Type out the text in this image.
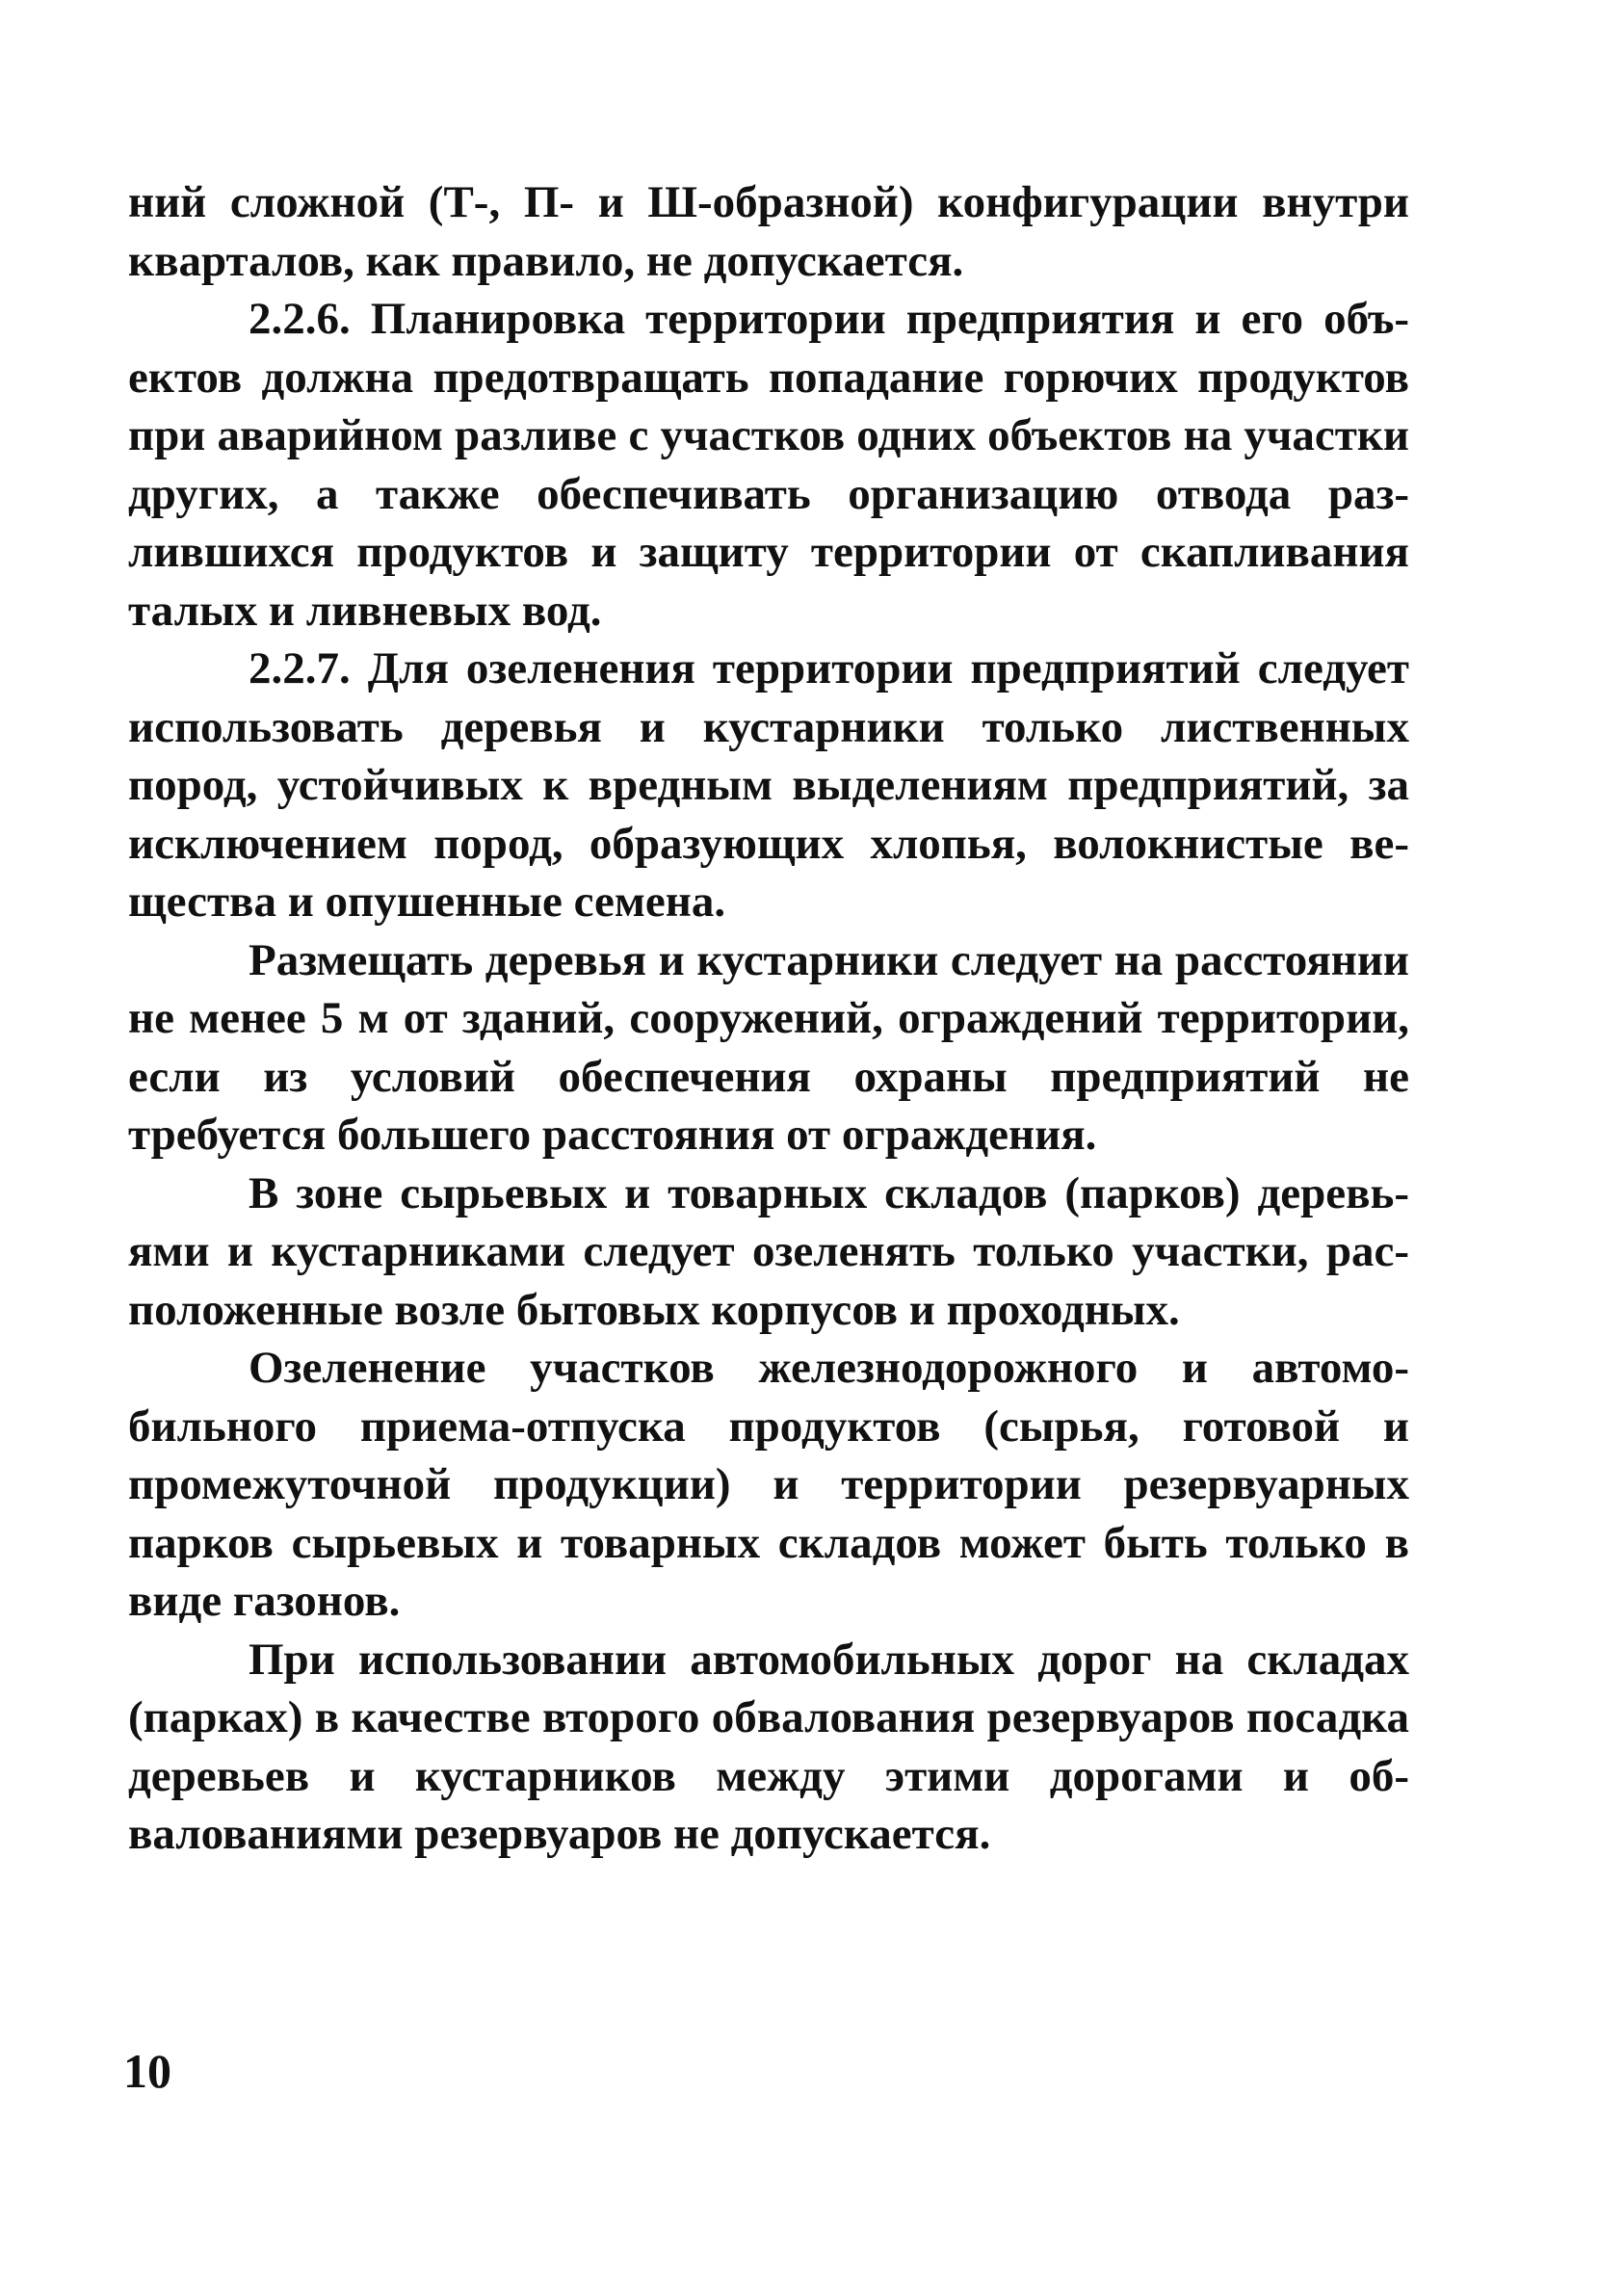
ний сложной (Т-, П- и Ш-образной) конфигурации внутри кварталов, как правило, не допускается.

2.2.6. Планировка территории предприятия и его объектов должна предотвращать попадание горючих продуктов при аварийном разливе с участков одних объектов на участки других, а также обеспечивать организацию отвода разлившихся продуктов и защиту территории от скапливания талых и ливневых вод.

2.2.7. Для озеленения территории предприятий следует использовать деревья и кустарники только лиственных пород, устойчивых к вредным выделениям предприятий, за исключением пород, образующих хлопья, волокнистые вещества и опушенные семена.

Размещать деревья и кустарники следует на расстоянии не менее 5 м от зданий, сооружений, ограждений территории, если из условий обеспечения охраны предприятий не требуется большего расстояния от ограждения.

В зоне сырьевых и товарных складов (парков) деревьями и кустарниками следует озеленять только участки, расположенные возле бытовых корпусов и проходных.

Озеленение участков железнодорожного и автомобильного приема-отпуска продуктов (сырья, готовой и промежуточной продукции) и территории резервуарных парков сырьевых и товарных складов может быть только в виде газонов.

При использовании автомобильных дорог на складах (парках) в качестве второго обвалования резервуаров посадка деревьев и кустарников между этими дорогами и обвалованиями резервуаров не допускается.

10
